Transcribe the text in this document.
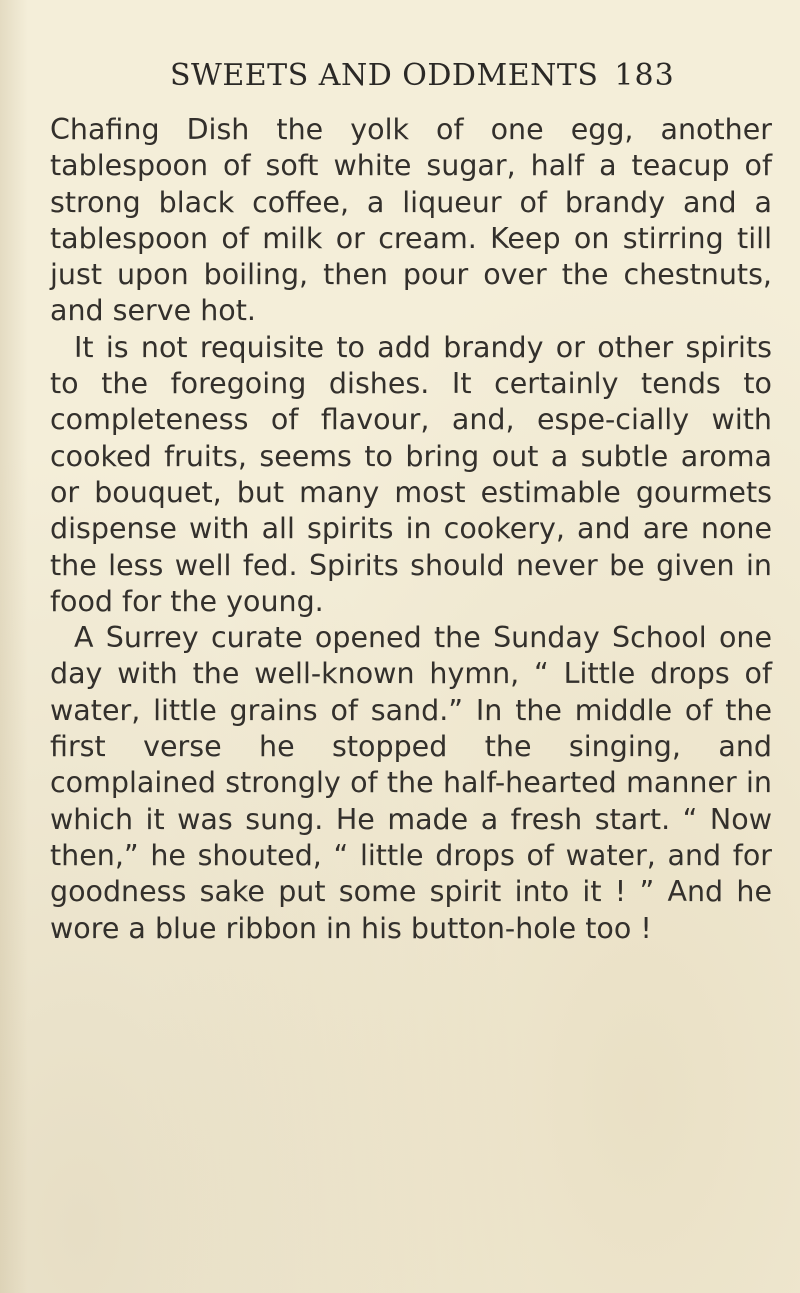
SWEETS AND ODDMENTS 183

Chafing Dish the yolk of one egg, another tablespoon of soft white sugar, half a teacup of strong black coffee, a liqueur of brandy and a tablespoon of milk or cream. Keep on stirring till just upon boiling, then pour over the chestnuts, and serve hot.

It is not requisite to add brandy or other spirits to the foregoing dishes. It certainly tends to completeness of flavour, and, espe-cially with cooked fruits, seems to bring out a subtle aroma or bouquet, but many most estimable gourmets dispense with all spirits in cookery, and are none the less well fed. Spirits should never be given in food for the young.

A Surrey curate opened the Sunday School one day with the well-known hymn, “ Little drops of water, little grains of sand.” In the middle of the first verse he stopped the singing, and complained strongly of the half-hearted manner in which it was sung. He made a fresh start. “ Now then,” he shouted, “ little drops of water, and for goodness sake put some spirit into it ! ” And he wore a blue ribbon in his button-hole too !
